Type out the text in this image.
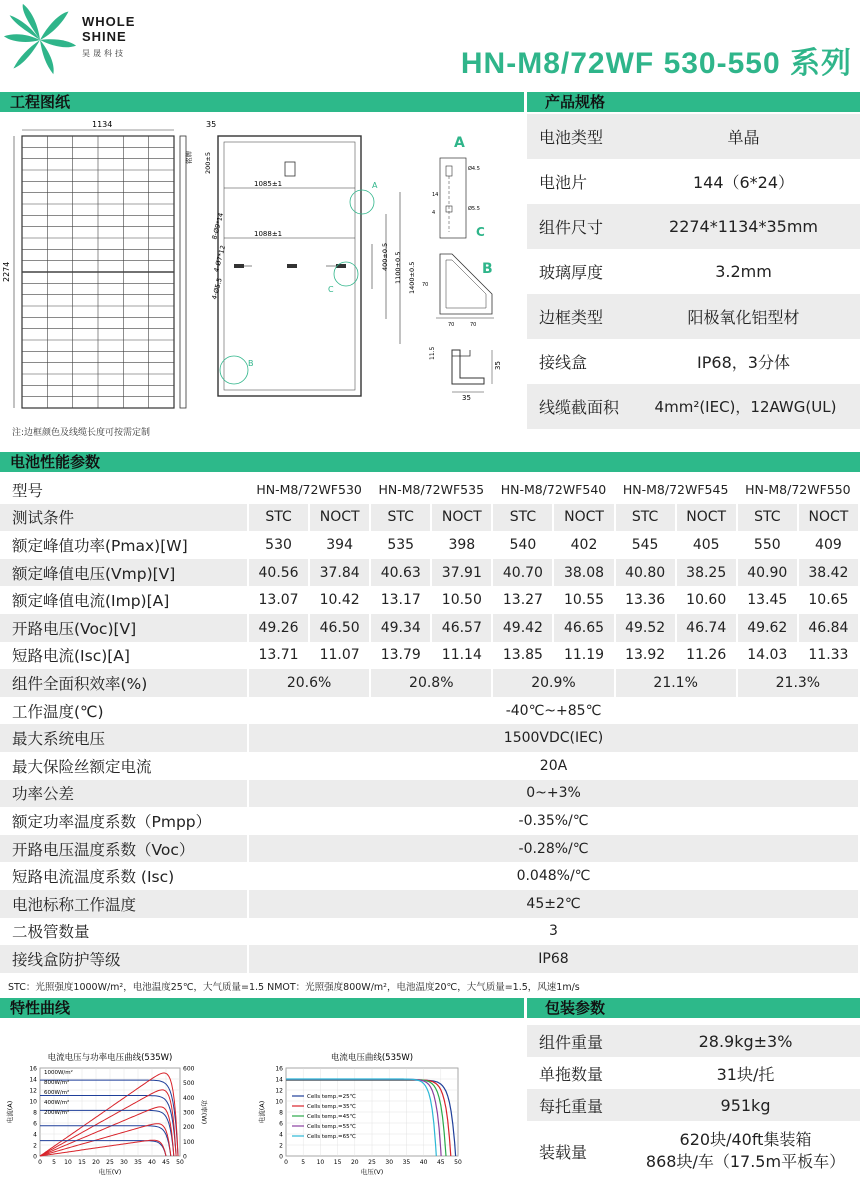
WHOLE
SHINE
昊晟科技	HN-M8/72WF 530-550 系列
工程图纸	产品规格
电池性能参数
特性曲线	包装参数
1134
2274
35
铭牌
1085±1
1088±1
200±5
400±0.5 1100±0.5 1400±0.5
8-Ø9*14
4-Ø7*12
4-Ø5.5
A
C
B
A
Ø4.5
Ø5.5
14
4
C
B
70	70
70
35
35
11.5
注:边框颜色及线缆长度可按需定制
电池类型	单晶
电池片	144（6*24）
组件尺寸	2274*1134*35mm
玻璃厚度	3.2mm
边框类型	阳极氧化铝型材
接线盒	IP68，3分体
线缆截面积	4mm²(IEC)，12AWG(UL)
型号	HN-M8/72WF530		HN-M8/72WF535		HN-M8/72WF540		HN-M8/72WF545		HN-M8/72WF550	
测试条件	STC	NOCT	STC	NOCT	STC	NOCT	STC	NOCT	STC	NOCT
额定峰值功率(Pmax)[W]	530	394	535	398	540	402	545	405	550	409
额定峰值电压(Vmp)[V]	40.56	37.84	40.63	37.91	40.70	38.08	40.80	38.25	40.90	38.42
额定峰值电流(Imp)[A]	13.07	10.42	13.17	10.50	13.27	10.55	13.36	10.60	13.45	10.65
开路电压(Voc)[V]	49.26	46.50	49.34	46.57	49.42	46.65	49.52	46.74	49.62	46.84
短路电流(Isc)[A]	13.71	11.07	13.79	11.14	13.85	11.19	13.92	11.26	14.03	11.33
组件全面积效率(%)	20.6%		20.8%		20.9%		21.1%		21.3%	
工作温度(℃)	-40℃~+85℃									
最大系统电压	1500VDC(IEC)									
最大保险丝额定电流	20A									
功率公差	0~+3%									
额定功率温度系数（Pmpp）	-0.35%/℃									
开路电压温度系数（Voc）	-0.28%/℃									
短路电流温度系数 (Isc)	0.048%/℃									
电池标称工作温度	45±2℃									
二极管数量	3									
接线盒防护等级	IP68									
STC：光照强度1000W/m²，电池温度25℃，大气质量=1.5 NMOT：光照强度800W/m²，电池温度20℃，大气质量=1.5，风速1m/s
电流电压与功率电压曲线(535W)
0
2
4
6
8
10
12
14
16
0 5 10 15 20 25 30 35 40 45 50
电压(V)
电流(A)
0
100
200
300
400
500
600
功率(W)
1000W/m²
800W/m²
600W/m²
400W/m²
200W/m²
电流电压曲线(535W)
0
2
4
6
8
10
12
14
16
0 5 10 15 20 25 30 35 40 45 50
电压(V)
电流(A)
Cells temp.=25℃
Cells temp.=35℃
Cells temp.=45℃
Cells temp.=55℃
Cells temp.=65℃
组件重量	28.9kg±3%
单拖数量	31块/托
每托重量	951kg
装载量
620块/40ft集装箱
868块/车（17.5m平板车）
